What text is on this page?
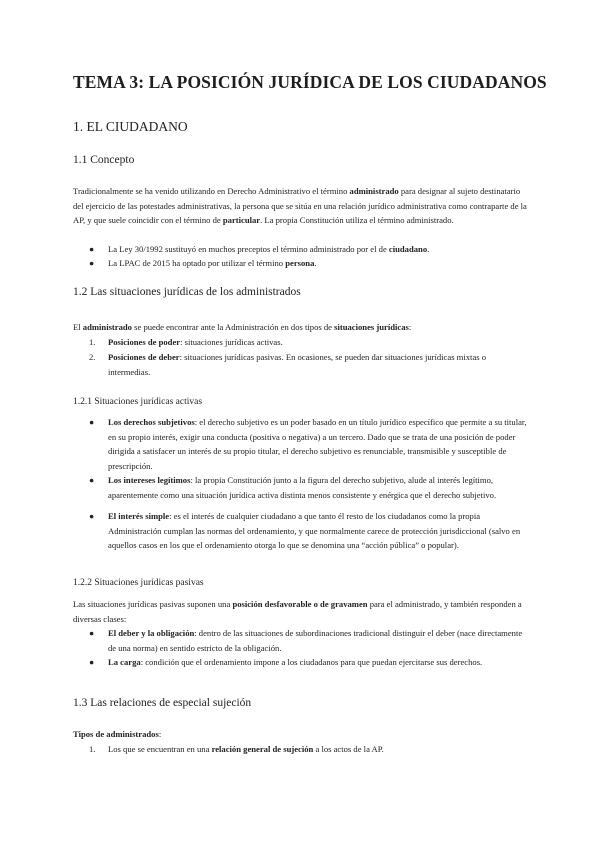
TEMA 3: LA POSICIÓN JURÍDICA DE LOS CIUDADANOS
1. EL CIUDADANO
1.1 Concepto

Tradicionalmente se ha venido utilizando en Derecho Administrativo el término administrado para designar al sujeto destinatario del ejercicio de las potestades administrativas, la persona que se sitúa en una relación jurídico administrativa como contraparte de la AP, y que suele coincidir con el término de particular. La propia Constitución utiliza el término administrado.

● La Ley 30/1992 sustituyó en muchos preceptos el término administrado por el de ciudadano.

● La LPAC de 2015 ha optado por utilizar el término persona.

1.2 Las situaciones jurídicas de los administrados

El administrado se puede encontrar ante la Administración en dos tipos de situaciones jurídicas:

1. Posiciones de poder: situaciones jurídicas activas.

2. Posiciones de deber: situaciones jurídicas pasivas. En ocasiones, se pueden dar situaciones jurídicas mixtas o intermedias.

1.2.1 Situaciones jurídicas activas
● Los derechos subjetivos: el derecho subjetivo es un poder basado en un título jurídico específico que permite a su titular, en su propio interés, exigir una conducta (positiva o negativa) a un tercero. Dado que se trata de una posición de poder dirigida a satisfacer un interés de su propio titular, el derecho subjetivo es renunciable, transmisible y susceptible de prescripción.

● Los intereses legítimos: la propia Constitución junto a la figura del derecho subjetivo, alude al interés legítimo, aparentemente como una situación jurídica activa distinta menos consistente y enérgica que el derecho subjetivo.

● El interés simple: es el interés de cualquier ciudadano a que tanto él resto de los ciudadanos como la propia Administración cumplan las normas del ordenamiento, y que normalmente carece de protección jurisdiccional (salvo en aquellos casos en los que el ordenamiento otorga lo que se denomina una “acción pública” o popular).

1.2.2 Situaciones jurídicas pasivas

Las situaciones jurídicas pasivas suponen una posición desfavorable o de gravamen para el administrado, y también responden a diversas clases:

● El deber y la obligación: dentro de las situaciones de subordinaciones tradicional distinguir el deber (nace directamente de una norma) en sentido estricto de la obligación.

● La carga: condición que el ordenamiento impone a los ciudadanos para que puedan ejercitarse sus derechos.

1.3 Las relaciones de especial sujeción

Tipos de administrados:

1. Los que se encuentran en una relación general de sujeción a los actos de la AP.
